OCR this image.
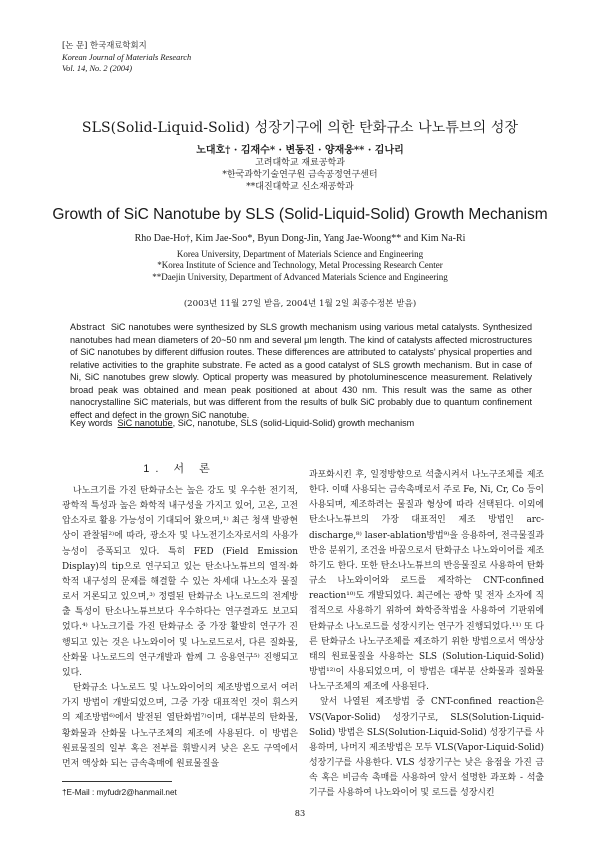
[논 문] 한국재료학회지
Korean Journal of Materials Research
Vol. 14, No. 2 (2004)
SLS(Solid-Liquid-Solid) 성장기구에 의한 탄화규소 나노튜브의 성장
노대호† · 김재수* · 변동진 · 양재웅** · 김나리
고려대학교 재료공학과
*한국과학기술연구원 금속공정연구센터
**대진대학교 신소재공학과
Growth of SiC Nanotube by SLS (Solid-Liquid-Solid) Growth Mechanism
Rho Dae-Ho†, Kim Jae-Soo*, Byun Dong-Jin, Yang Jae-Woong** and Kim Na-Ri
Korea University, Department of Materials Science and Engineering
*Korea Institute of Science and Technology, Metal Processing Research Center
**Daejin University, Department of Advanced Materials Science and Engineering
(2003년 11월 27일 받음, 2004년 1월 2일 최종수정본 받음)
Abstract SiC nanotubes were synthesized by SLS growth mechanism using various metal catalysts. Synthesized nanotubes had mean diameters of 20~50 nm and several μm length. The kind of catalysts affected microstructures of SiC nanotubes by different diffusion routes. These differences are attributed to catalysts' physical properties and relative activities to the graphite substrate. Fe acted as a good catalyst of SLS growth mechanism. But in case of Ni, SiC nanotubes grew slowly. Optical property was measured by photoluminescence measurement. Relatively broad peak was obtained and mean peak positioned at about 430 nm. This result was the same as other nanocrystalline SiC materials, but was different from the results of bulk SiC probably due to quantum confinement effect and defect in the grown SiC nanotube.
Key words SiC nanotube, SiC, nanotube, SLS (solid-Liquid-Solid) growth mechanism
1. 서 론

나노크기를 가진 탄화규소는 높은 강도 및 우수한 전기적, 광학적 특성과 높은 화학적 내구성을 가지고 있어, 고온, 고전압소자로 활용 가능성이 기대되어 왔으며,¹⁾ 최근 청색 발광현상이 관찰됨²⁾에 따라, 광소자 및 나노전기소자로서의 사용가능성이 증폭되고 있다. 특히 FED (Field Emission Display)의 tip으로 연구되고 있는 탄소나노튜브의 열적·화학적 내구성의 문제를 해결할 수 있는 차세대 나노소자 물질로서 거론되고 있으며,³⁾ 정렬된 탄화규소 나노로드의 전계방출 특성이 탄소나노튜브보다 우수하다는 연구결과도 보고되었다.⁴⁾ 나노크기를 가진 탄화규소 중 가장 활발히 연구가 진행되고 있는 것은 나노와이어 및 나노로드로서, 다른 질화물, 산화물 나노로드의 연구개발과 함께 그 응용연구⁵⁾ 진행되고 있다.

탄화규소 나노로드 및 나노와이어의 제조방법으로서 여러가지 방법이 개발되었으며, 그중 가장 대표적인 것이 휘스커의 제조방법⁶⁾에서 발전된 열탄화법⁷⁾이며, 대부분의 탄화물, 황화물과 산화물 나노구조체의 제조에 사용된다. 이 방법은 원료물질의 일부 혹은 전부를 휘발시켜 낮은 온도 구역에서 먼저 액상화 되는 금속촉매에 원료물질을

과포화시킨 후, 일정방향으로 석출시켜서 나노구조체를 제조한다. 이때 사용되는 금속촉매로서 주로 Fe, Ni, Cr, Co 등이 사용되며, 제조하려는 물질과 형상에 따라 선택된다. 이외에 탄소나노튜브의 가장 대표적인 제조 방법인 arc-discharge,⁸⁾ laser-ablation방법⁹⁾을 응용하여, 전극물질과 반응 분위기, 조건을 바꿈으로서 탄화규소 나노와이어를 제조하기도 한다. 또한 탄소나노튜브의 반응물질로 사용하여 탄화규소 나노와이어와 로드를 제작하는 CNT-confined reaction¹⁰⁾도 개발되었다. 최근에는 광학 및 전자 소자에 직접적으로 사용하기 위하여 화학증착법을 사용하여 기판위에 탄화규소 나노로드를 성장시키는 연구가 진행되었다.¹¹⁾ 또 다른 탄화규소 나노구조체를 제조하기 위한 방법으로서 액상상태의 원료물질을 사용하는 SLS (Solution-Liquid-Solid) 방법¹²⁾이 사용되었으며, 이 방법은 대부분 산화물과 질화물 나노구조체의 제조에 사용된다.

앞서 나열된 제조방법 중 CNT-confined reaction은 VS(Vapor-Solid) 성장기구로, SLS(Solution-Liquid-Solid) 방법은 SLS(Solution-Liquid-Solid) 성장기구를 사용하며, 나머지 제조방법은 모두 VLS(Vapor-Liquid-Solid) 성장기구를 사용한다. VLS 성장기구는 낮은 융점을 가진 금속 혹은 비금속 촉매를 사용하여 앞서 설명한 과포화 - 석출 기구를 사용하여 나노와이어 및 로드를 성장시킨

†E-Mail : myfudr2@hanmail.net
83
